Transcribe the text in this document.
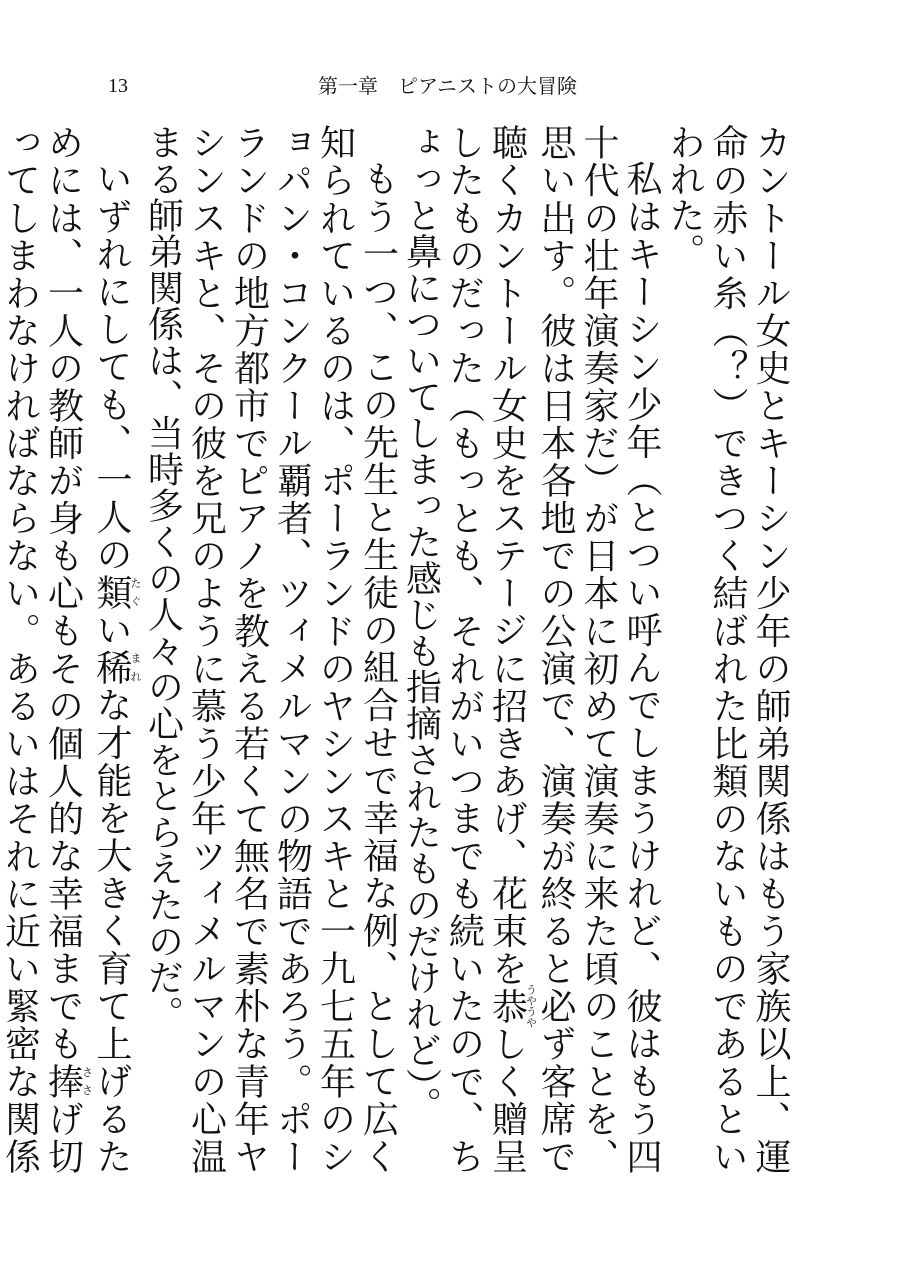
13	第一章　ピアニストの大冒険

カントール女史とキーシン少年の師弟関係はもう家族以上、運命の赤い糸（？）できつく結ばれた比類のないものであるといわれた。

私はキーシン少年（とつい呼んでしまうけれど、彼はもう四十代の壮年演奏家だ）が日本に初めて演奏に来た頃のことを、思い出す。彼は日本各地での公演で、演奏が終ると必ず客席で聴くカントール女史をステージに招きあげ、花束を恭うやうやしく贈呈したものだった（もっとも、それがいつまでも続いたので、ちょっと鼻についてしまった感じも指摘されたものだけれど）。

もう一つ、この先生と生徒の組合せで幸福な例、として広く知られているのは、ポーランドのヤシンスキと一九七五年のショパン・コンクール覇者、ツィメルマンの物語であろう。ポーランドの地方都市でピアノを教える若くて無名で素朴な青年ヤシンスキと、その彼を兄のように慕う少年ツィメルマンの心温まる師弟関係は、当時多くの人々の心をとらえたのだ。

いずれにしても、一人の類たぐい稀まれな才能を大きく育て上げるためには、一人の教師が身も心もその個人的な幸福までも捧ささげ切ってしまわなければならない。あるいはそれに近い緊密な関係
